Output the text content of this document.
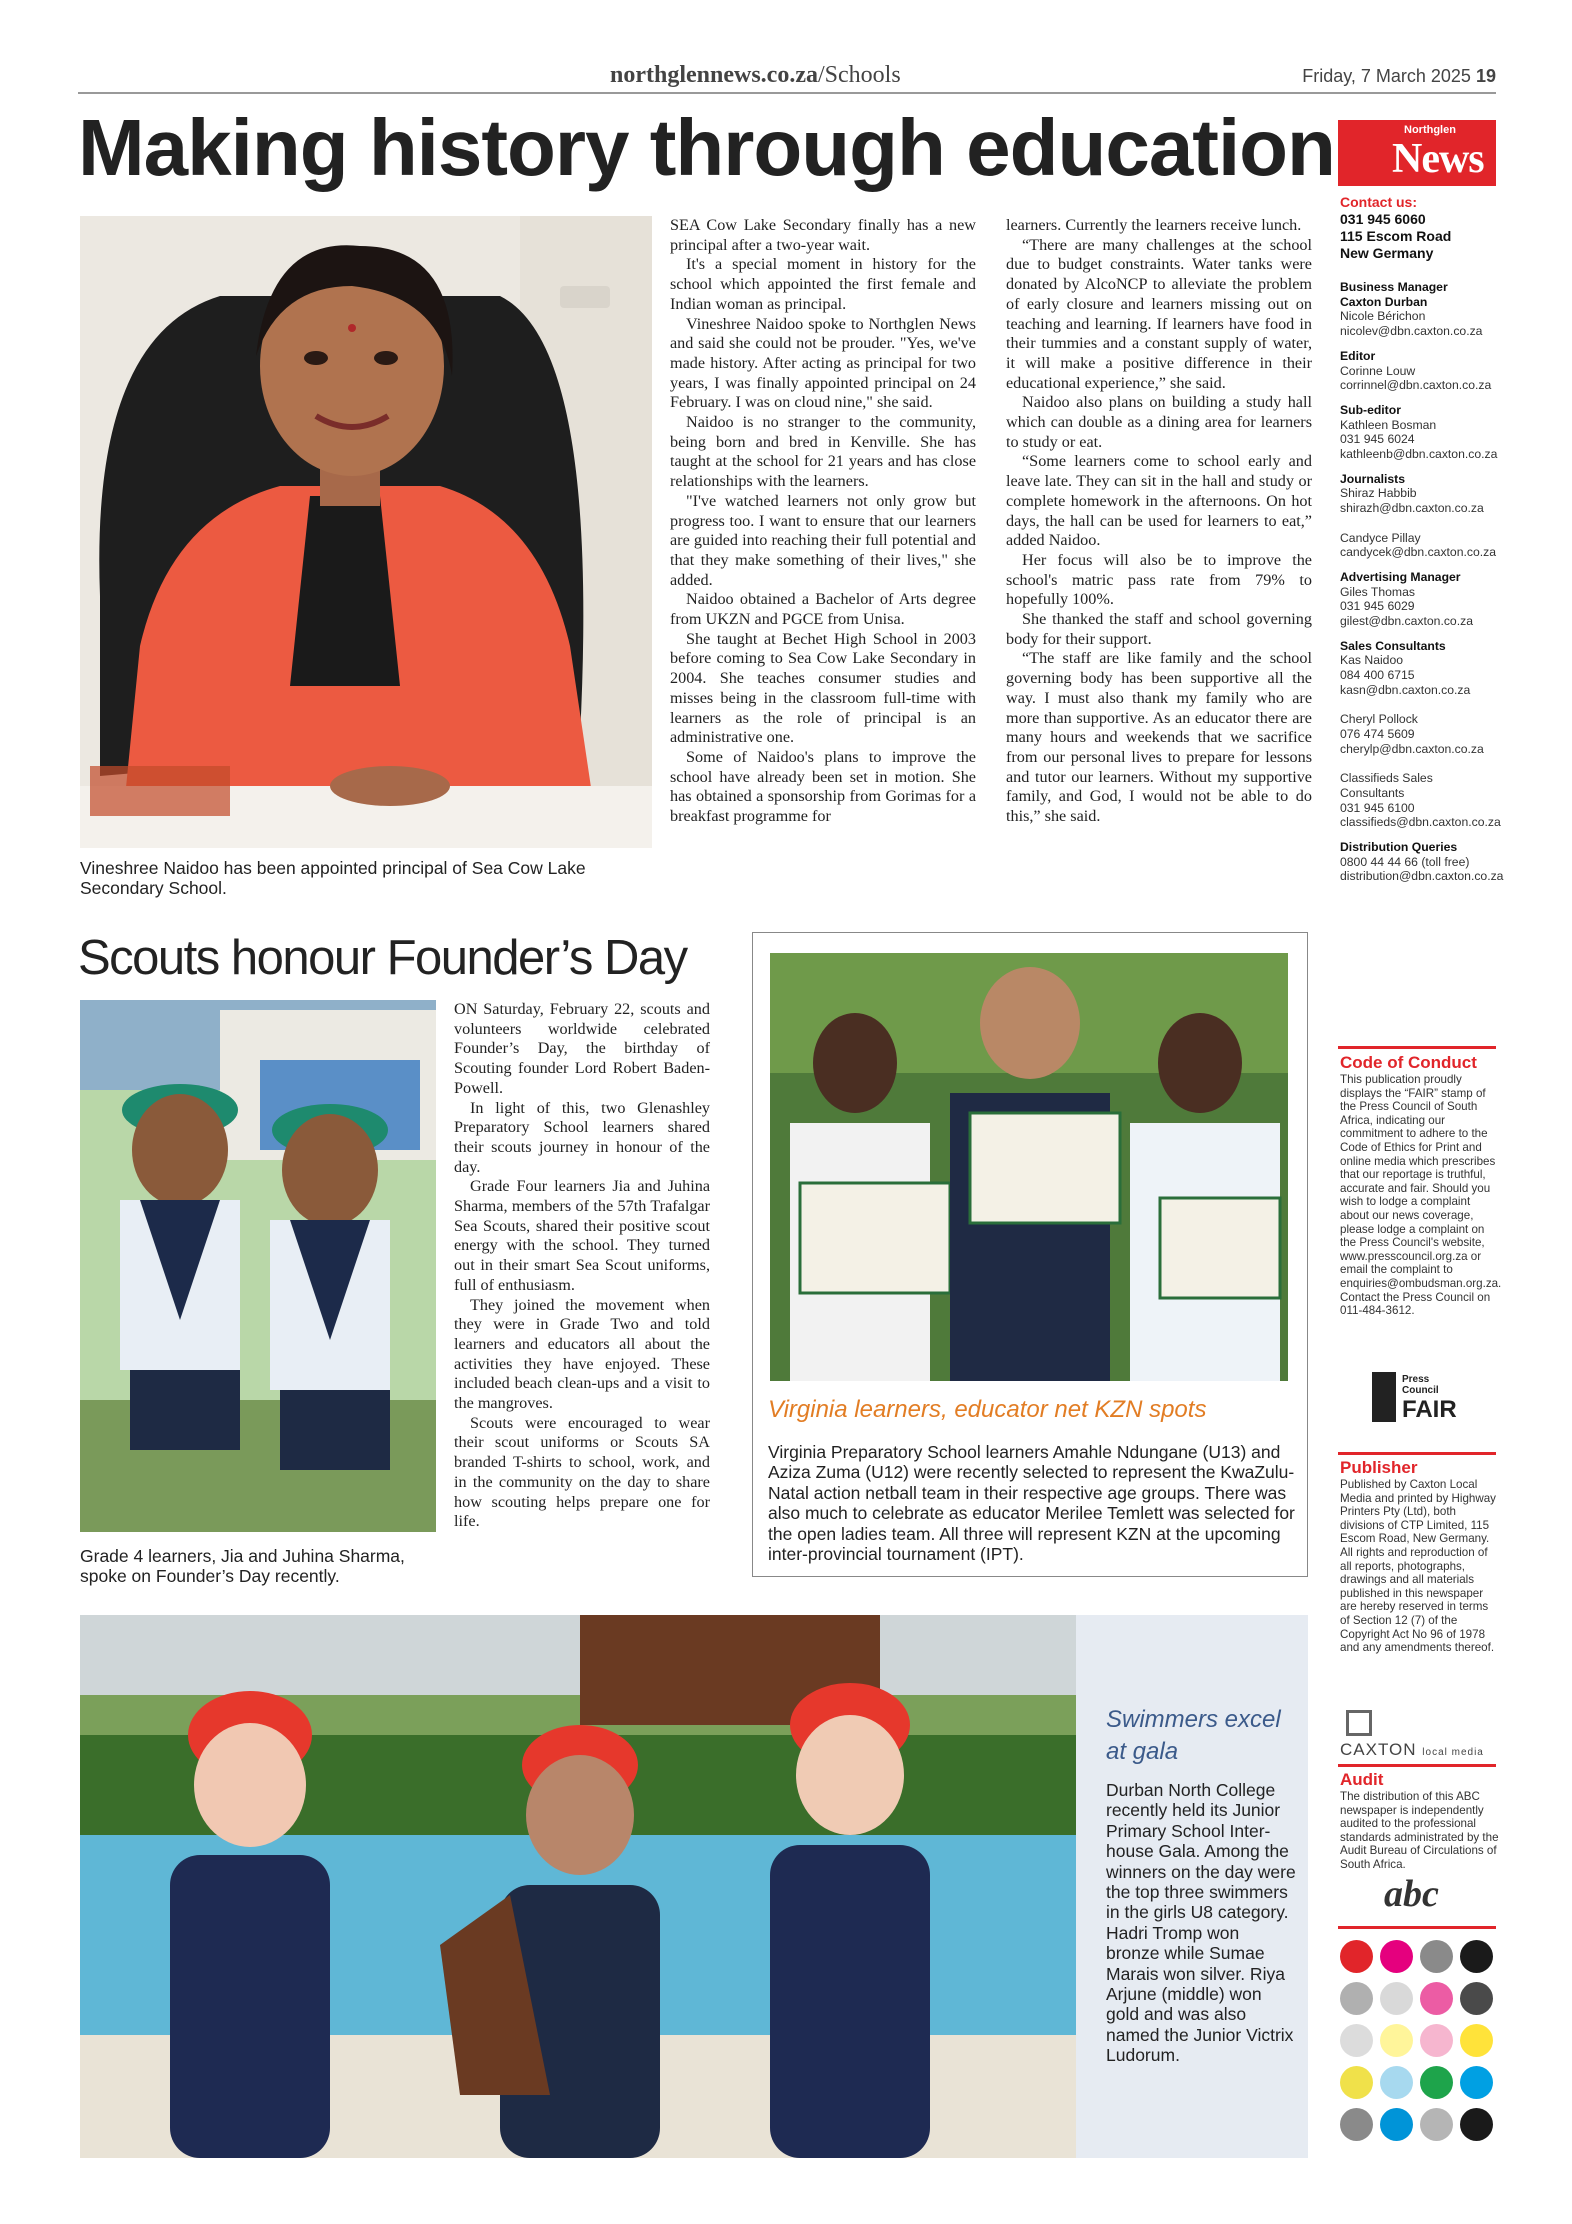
northglennews.co.za/Schools	Friday, 7 March 2025 19
Making history through education
Vineshree Naidoo has been appointed principal of Sea Cow Lake Secondary School.

SEA Cow Lake Secondary finally has a new principal after a two-year wait.

It's a special moment in history for the school which appointed the first female and Indian woman as principal.

Vineshree Naidoo spoke to Northglen News and said she could not be prouder. "Yes, we've made history. After acting as principal for two years, I was finally appointed principal on 24 February. I was on cloud nine," she said.

Naidoo is no stranger to the community, being born and bred in Kenville. She has taught at the school for 21 years and has close relationships with the learners.

"I've watched learners not only grow but progress too. I want to ensure that our learners are guided into reaching their full potential and that they make something of their lives," she added.

Naidoo obtained a Bachelor of Arts degree from UKZN and PGCE from Unisa.

She taught at Bechet High School in 2003 before coming to Sea Cow Lake Secondary in 2004. She teaches consumer studies and misses being in the classroom full-time with learners as the role of principal is an administrative one.

Some of Naidoo's plans to improve the school have already been set in motion. She has obtained a sponsorship from Gorimas for a breakfast programme for

learners. Currently the learners receive lunch.

“There are many challenges at the school due to budget constraints. Water tanks were donated by AlcoNCP to alleviate the problem of early closure and learners missing out on teaching and learning. If learners have food in their tummies and a constant supply of water, it will make a positive difference in their educational experience,” she said.

Naidoo also plans on building a study hall which can double as a dining area for learners to study or eat.

“Some learners come to school early and leave late. They can sit in the hall and study or complete homework in the afternoons. On hot days, the hall can be used for learners to eat,” added Naidoo.

Her focus will also be to improve the school's matric pass rate from 79% to hopefully 100%.

She thanked the staff and school governing body for their support.

“The staff are like family and the school governing body has been supportive all the way. I must also thank my family who are more than supportive. As an educator there are many hours and weekends that we sacrifice from our personal lives to prepare for lessons and tutor our learners. Without my supportive family, and God, I would not be able to do this,” she said.

Scouts honour Founder’s Day
Grade 4 learners, Jia and Juhina Sharma, spoke on Founder’s Day recently.

ON Saturday, February 22, scouts and volunteers worldwide celebrated Founder’s Day, the birthday of Scouting founder Lord Robert Baden-Powell.

In light of this, two Glenashley Preparatory School learners shared their scouts journey in honour of the day.

Grade Four learners Jia and Juhina Sharma, members of the 57th Trafalgar Sea Scouts, shared their positive scout energy with the school. They turned out in their smart Sea Scout uniforms, full of enthusiasm.

They joined the movement when they were in Grade Two and told learners and educators all about the activities they have enjoyed. These included beach clean-ups and a visit to the mangroves.

Scouts were encouraged to wear their scout uniforms or Scouts SA branded T-shirts to school, work, and in the community on the day to share how scouting helps prepare one for life.

Virginia learners, educator net KZN spots
Virginia Preparatory School learners Amahle Ndungane (U13) and Aziza Zuma (U12) were recently selected to represent the KwaZulu-Natal action netball team in their respective age groups. There was also much to celebrate as educator Merilee Temlett was selected for the open ladies team. All three will represent KZN at the upcoming inter-provincial tournament (IPT).
Swimmers excel at gala
Durban North College recently held its Junior Primary School Inter-house Gala. Among the winners on the day were the top three swimmers in the girls U8 category. Hadri Tromp won bronze while Sumae Marais won silver. Riya Arjune (middle) won gold and was also named the Junior Victrix Ludorum.
Northglen
News
Contact us:
031 945 6060
115 Escom Road
New Germany
Business Manager
Caxton Durban
Nicole Bérichon
nicolev@dbn.caxton.co.za
Editor
Corinne Louw
corrinnel@dbn.caxton.co.za
Sub-editor
Kathleen Bosman
031 945 6024
kathleenb@dbn.caxton.co.za
Journalists
Shiraz Habbib
shirazh@dbn.caxton.co.za

Candyce Pillay
candycek@dbn.caxton.co.za
Advertising Manager
Giles Thomas
031 945 6029
gilest@dbn.caxton.co.za
Sales Consultants
Kas Naidoo
084 400 6715
kasn@dbn.caxton.co.za

Cheryl Pollock
076 474 5609
cherylp@dbn.caxton.co.za

Classifieds Sales Consultants
031 945 6100
classifieds@dbn.caxton.co.za
Distribution Queries
0800 44 44 66 (toll free)
distribution@dbn.caxton.co.za
Code of Conduct
This publication proudly displays the “FAIR” stamp of the Press Council of South Africa, indicating our commitment to adhere to the Code of Ethics for Print and online media which prescribes that our reportage is truthful, accurate and fair. Should you wish to lodge a complaint about our news coverage, please lodge a complaint on the Press Council's website, www.presscouncil.org.za or email the complaint to enquiries@ombudsman.org.za. Contact the Press Council on 011-484-3612.
Press Council
FAIR
Publisher
Published by Caxton Local Media and printed by Highway Printers Pty (Ltd), both divisions of CTP Limited, 115 Escom Road, New Germany. All rights and reproduction of all reports, photographs, drawings and all materials published in this newspaper are hereby reserved in terms of Section 12 (7) of the Copyright Act No 96 of 1978 and any amendments thereof.
CAXTON local media
Audit
The distribution of this ABC newspaper is independently audited to the professional standards administrated by the Audit Bureau of Circulations of South Africa.
abc
